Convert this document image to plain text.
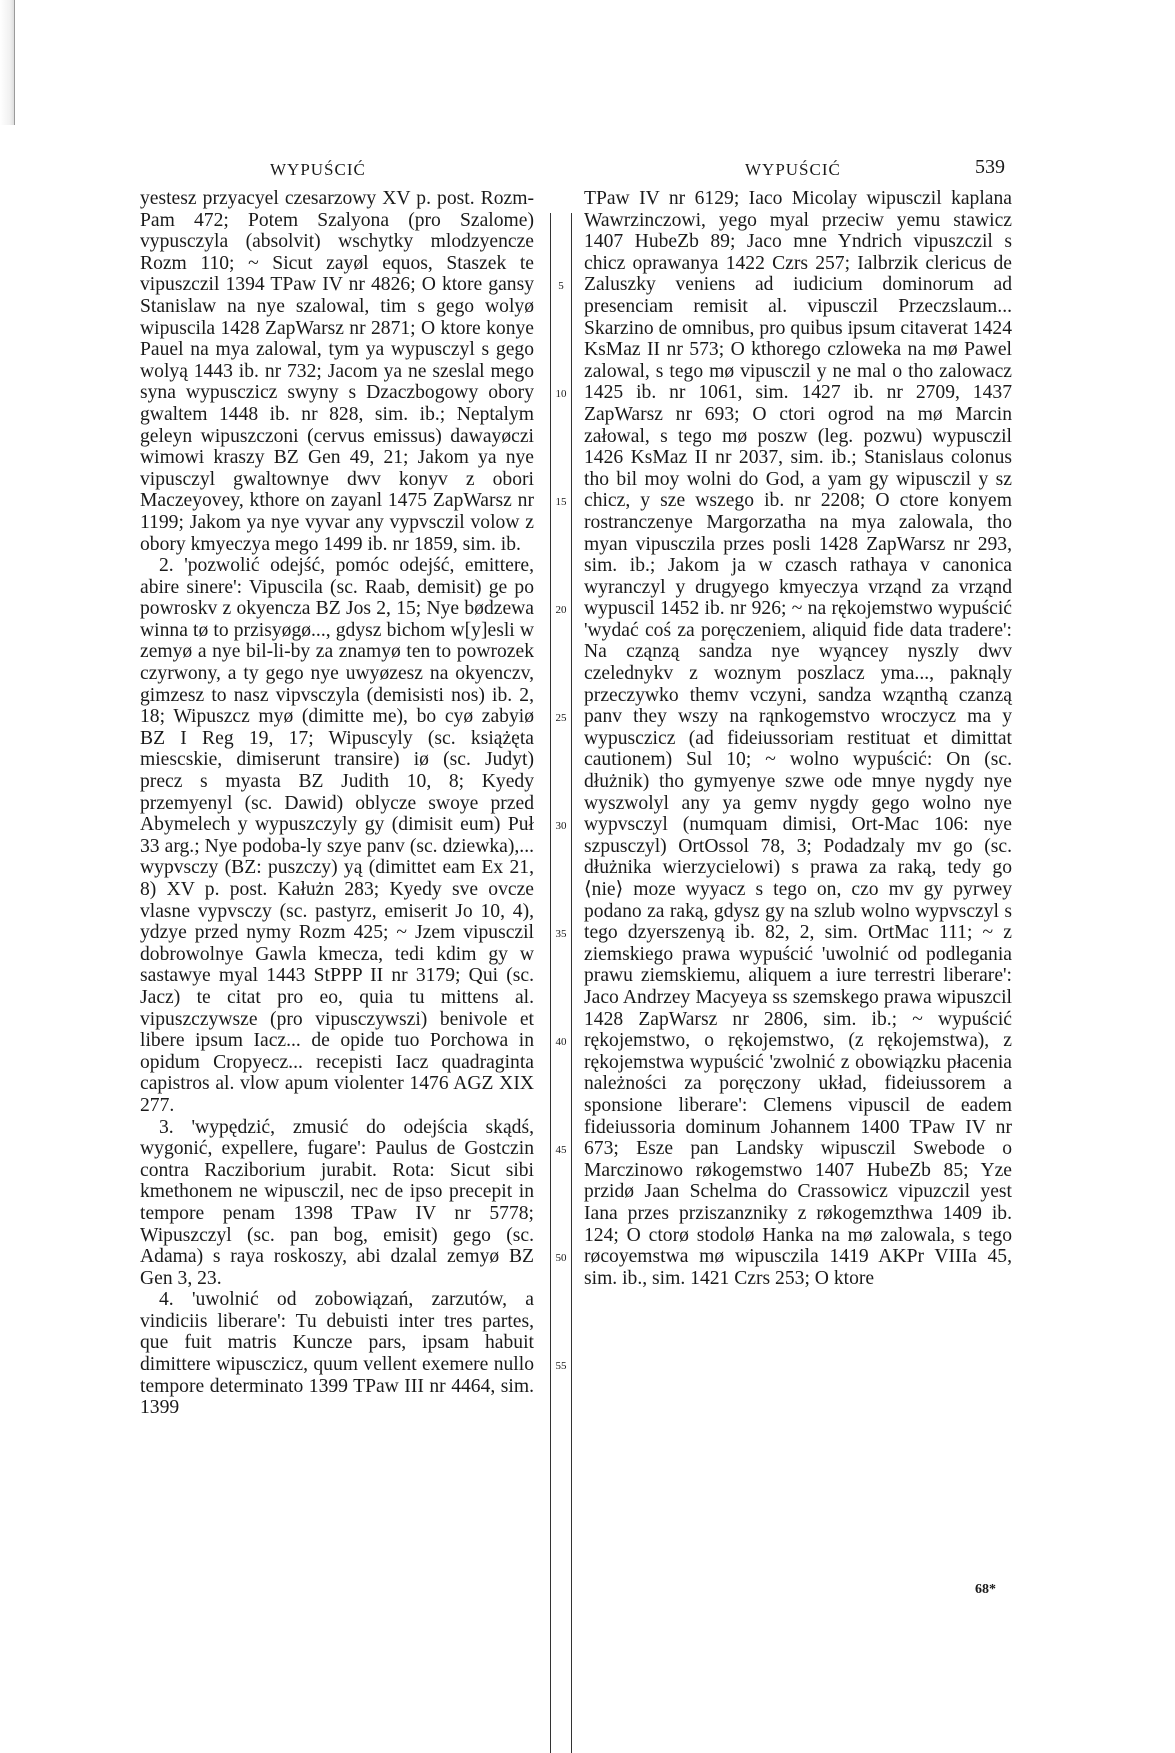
WYPUŚCIĆ	WYPUŚCIĆ	539

yestesz przyacyel czesarzowy XV p. post. Rozm-Pam 472; Potem Szalyona (pro Szalome) vypusczyla (absolvit) wschytky mlodzyencze Rozm 110; ~ Sicut zayøl equos, Staszek te vipuszczil 1394 TPaw IV nr 4826; O ktore gansy Stanislaw na nye szalowal, tim s gego wolyø wipuscila 1428 ZapWarsz nr 2871; O ktore konye Pauel na mya zalowal, tym ya wypusczyl s gego wolyą 1443 ib. nr 732; Jacom ya ne szeslal mego syna wypusczicz swyny s Dzaczbogowy obory gwaltem 1448 ib. nr 828, sim. ib.; Neptalym geleyn wipuszczoni (cervus emissus) dawayøczi wimowi kraszy BZ Gen 49, 21; Jakom ya nye vipusczyl gwaltownye dwv konyv z obori Maczeyovey, kthore on zayanl 1475 ZapWarsz nr 1199; Jakom ya nye vyvar any vypvsczil volow z obory kmyeczya mego 1499 ib. nr 1859, sim. ib.

2. 'pozwolić odejść, pomóc odejść, emittere, abire sinere': Vipuscila (sc. Raab, demisit) ge po powroskv z okyencza BZ Jos 2, 15; Nye bødzewa winna tø to przisyøgø..., gdysz bichom w[y]esli w zemyø a nye bil-li-by za znamyø ten to powrozek czyrwony, a ty gego nye uwyøzesz na okyenczv, gimzesz to nasz vipvsczyla (demisisti nos) ib. 2, 18; Wipuszcz myø (dimitte me), bo cyø zabyiø BZ I Reg 19, 17; Wipuscyly (sc. książęta miescskie, dimiserunt transire) iø (sc. Judyt) precz s myasta BZ Judith 10, 8; Kyedy przemyenyl (sc. Dawid) oblycze swoye przed Abymelech y wypuszczyly gy (dimisit eum) Puł 33 arg.; Nye podoba-ly szye panv (sc. dziewka),... wypvsczy (BZ: puszczy) yą (dimittet eam Ex 21, 8) XV p. post. Kałużn 283; Kyedy sve ovcze vlasne vypvsczy (sc. pastyrz, emiserit Jo 10, 4), ydzye przed nymy Rozm 425; ~ Jzem vipusczil dobrowolnye Gawla kmecza, tedi kdim gy w sastawye myal 1443 StPPP II nr 3179; Qui (sc. Jacz) te citat pro eo, quia tu mittens al. vipuszczywsze (pro vipusczywszi) benivole et libere ipsum Iacz... de opide tuo Porchowa in opidum Cropyecz... recepisti Iacz quadraginta capistros al. vlow apum violenter 1476 AGZ XIX 277.

3. 'wypędzić, zmusić do odejścia skądś, wygonić, expellere, fugare': Paulus de Gostczin contra Racziborium jurabit. Rota: Sicut sibi kmethonem ne wipusczil, nec de ipso precepit in tempore penam 1398 TPaw IV nr 5778; Wipuszczyl (sc. pan bog, emisit) gego (sc. Adama) s raya roskoszy, abi dzalal zemyø BZ Gen 3, 23.

4. 'uwolnić od zobowiązań, zarzutów, a vindiciis liberare': Tu debuisti inter tres partes, que fuit matris Kuncze pars, ipsam habuit dimittere wipusczicz, quum vellent exemere nullo tempore determinato 1399 TPaw III nr 4464, sim. 1399

5
10
15
20
25
30
35
40
45
50
55

TPaw IV nr 6129; Iaco Micolay wipusczil kaplana Wawrzinczowi, yego myal przeciw yemu stawicz 1407 HubeZb 89; Jaco mne Yndrich vipuszczil s chicz oprawanya 1422 Czrs 257; Ialbrzik clericus de Zaluszky veniens ad iudicium dominorum ad presenciam remisit al. vipusczil Przeczslaum... Skarzino de omnibus, pro quibus ipsum citaverat 1424 KsMaz II nr 573; O kthorego czloweka na mø Pawel zalowal, s tego mø vipusczil y ne mal o tho zalowacz 1425 ib. nr 1061, sim. 1427 ib. nr 2709, 1437 ZapWarsz nr 693; O ctori ogrod na mø Marcin załowal, s tego mø poszw (leg. pozwu) wypusczil 1426 KsMaz II nr 2037, sim. ib.; Stanislaus colonus tho bil moy wolni do God, a yam gy wipusczil y sz chicz, y sze wszego ib. nr 2208; O ctore konyem rostranczenye Margorzatha na mya zalowala, tho myan vipusczila przes posli 1428 ZapWarsz nr 293, sim. ib.; Jakom ja w czasch rathaya v canonica wyranczyl y drugyego kmyeczya vrząnd za vrząnd wypuscil 1452 ib. nr 926; ~ na rękojemstwo wypuścić 'wydać coś za poręczeniem, aliquid fide data tradere': Na cząnzą sandza nye wyąncey nyszly dwv czelednykv z woznym poszlacz yma..., paknąly przeczywko themv vczyni, sandza wząnthą czanzą panv they wszy na rąnkogemstvo wroczycz ma y wypusczicz (ad fideiussoriam restituat et dimittat cautionem) Sul 10; ~ wolno wypuścić: On (sc. dłużnik) tho gymyenye szwe ode mnye nygdy nye wyszwolyl any ya gemv nygdy gego wolno nye wypvsczyl (numquam dimisi, Ort-Mac 106: nye szpusczyl) OrtOssol 78, 3; Podadzaly mv go (sc. dłużnika wierzycielowi) s prawa za raką, tedy go ⟨nie⟩ moze wyyacz s tego on, czo mv gy pyrwey podano za raką, gdysz gy na szlub wolno wypvsczyl s tego dzyerszenyą ib. 82, 2, sim. OrtMac 111; ~ z ziemskiego prawa wypuścić 'uwolnić od podlegania prawu ziemskiemu, aliquem a iure terrestri liberare': Jaco Andrzey Macyeya ss szemskego prawa wipuszcil 1428 ZapWarsz nr 2806, sim. ib.; ~ wypuścić rękojemstwo, o rękojemstwo, (z rękojemstwa), z rękojemstwa wypuścić 'zwolnić z obowiązku płacenia należności za poręczony układ, fideiussorem a sponsione liberare': Clemens vipuscil de eadem fideiussoria dominum Johannem 1400 TPaw IV nr 673; Esze pan Landsky wipusczil Swebode o Marczinowo røkogemstwo 1407 HubeZb 85; Yze przidø Jaan Schelma do Crassowicz vipuzczil yest Iana przes prziszanzniky z røkogemzthwa 1409 ib. 124; O ctorø stodolø Hanka na mø zalowala, s tego røcoyemstwa mø wipusczila 1419 AKPr VIIIa 45, sim. ib., sim. 1421 Czrs 253; O ktore

68*
